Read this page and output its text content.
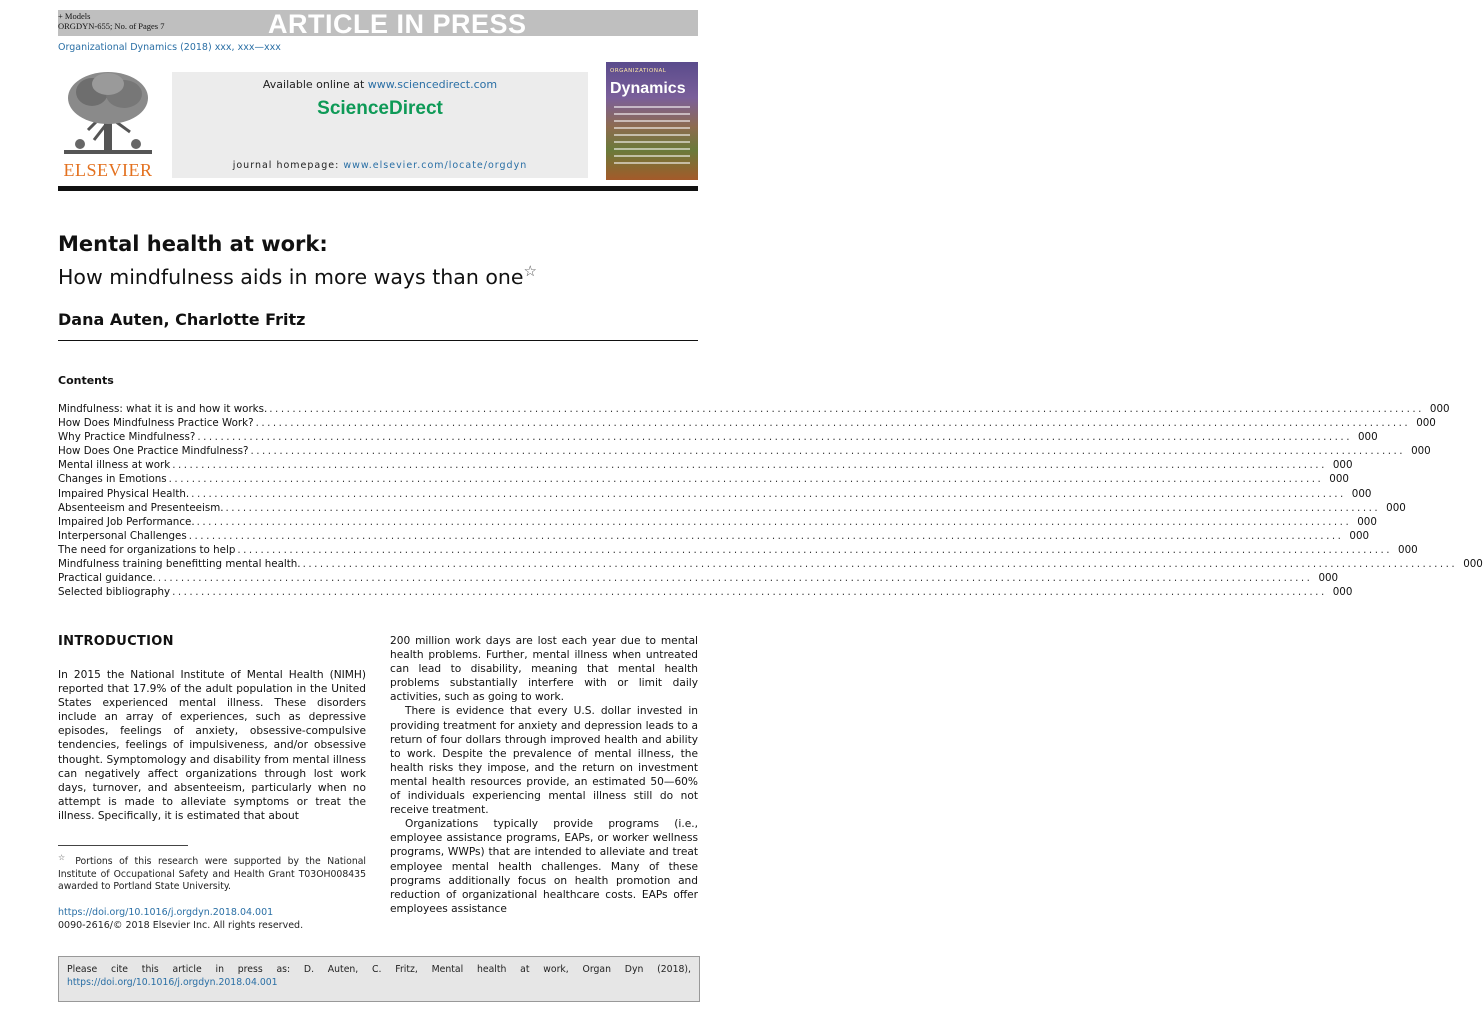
+ Models
ORGDYN-655; No. of Pages 7	ARTICLE IN PRESS
Organizational Dynamics (2018) xxx, xxx—xxx
ELSEVIER
Available online at www.sciencedirect.com
ScienceDirect
journal homepage: www.elsevier.com/locate/orgdyn
ORGANIZATIONAL
Dynamics
Mental health at work:
How mindfulness aids in more ways than one☆
Dana Auten, Charlotte Fritz
Contents
Mindfulness: what it is and how it works. ........................................................................................................................................................................................................ 000
How Does Mindfulness Practice Work? ........................................................................................................................................................................................................ 000
Why Practice Mindfulness? ........................................................................................................................................................................................................ 000
How Does One Practice Mindfulness? ........................................................................................................................................................................................................ 000
Mental illness at work ........................................................................................................................................................................................................ 000
Changes in Emotions ........................................................................................................................................................................................................ 000
Impaired Physical Health. ........................................................................................................................................................................................................ 000
Absenteeism and Presenteeism. ........................................................................................................................................................................................................ 000
Impaired Job Performance. ........................................................................................................................................................................................................ 000
Interpersonal Challenges ........................................................................................................................................................................................................ 000
The need for organizations to help ........................................................................................................................................................................................................ 000
Mindfulness training benefitting mental health. ........................................................................................................................................................................................................ 000
Practical guidance. ........................................................................................................................................................................................................ 000
Selected bibliography ........................................................................................................................................................................................................ 000
INTRODUCTION

In 2015 the National Institute of Mental Health (NIMH) reported that 17.9% of the adult population in the United States experienced mental illness. These disorders include an array of experiences, such as depressive episodes, feelings of anxiety, obsessive-compulsive tendencies, feelings of impulsiveness, and/or obsessive thought. Symptomology and disability from mental illness can negatively affect organizations through lost work days, turnover, and absenteeism, particularly when no attempt is made to alleviate symptoms or treat the illness. Specifically, it is estimated that about

200 million work days are lost each year due to mental health problems. Further, mental illness when untreated can lead to disability, meaning that mental health problems substantially interfere with or limit daily activities, such as going to work.

There is evidence that every U.S. dollar invested in providing treatment for anxiety and depression leads to a return of four dollars through improved health and ability to work. Despite the prevalence of mental illness, the health risks they impose, and the return on investment mental health resources provide, an estimated 50—60% of individuals experiencing mental illness still do not receive treatment.

Organizations typically provide programs (i.e., employee assistance programs, EAPs, or worker wellness programs, WWPs) that are intended to alleviate and treat employee mental health challenges. Many of these programs additionally focus on health promotion and reduction of organizational healthcare costs. EAPs offer employees assistance

☆ Portions of this research were supported by the National Institute of Occupational Safety and Health Grant T03OH008435 awarded to Portland State University.
https://doi.org/10.1016/j.orgdyn.2018.04.001
0090-2616/© 2018 Elsevier Inc. All rights reserved.
Please cite this article in press as: D. Auten, C. Fritz, Mental health at work, Organ Dyn (2018), https://doi.org/10.1016/j.orgdyn.2018.04.001
